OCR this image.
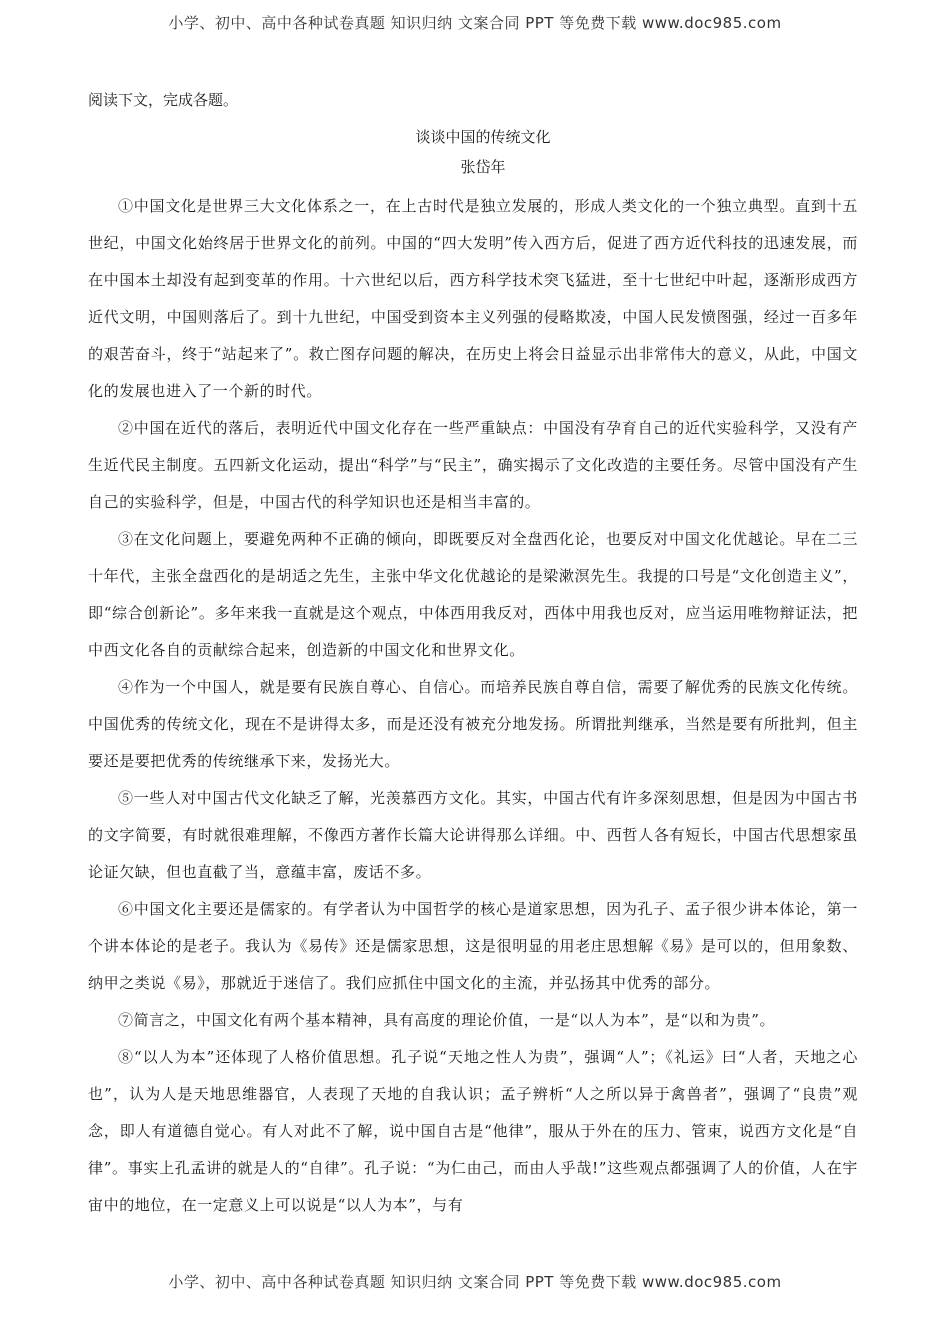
小学、初中、高中各种试卷真题 知识归纳 文案合同 PPT 等免费下载 www.doc985.com

阅读下文，完成各题。

谈谈中国的传统文化

张岱年

①中国文化是世界三大文化体系之一，在上古时代是独立发展的，形成人类文化的一个独立典型。直到十五世纪，中国文化始终居于世界文化的前列。中国的“四大发明”传入西方后，促进了西方近代科技的迅速发展，而在中国本土却没有起到变革的作用。十六世纪以后，西方科学技术突飞猛进，至十七世纪中叶起，逐渐形成西方近代文明，中国则落后了。到十九世纪，中国受到资本主义列强的侵略欺凌，中国人民发愤图强，经过一百多年的艰苦奋斗，终于“站起来了”。救亡图存问题的解决，在历史上将会日益显示出非常伟大的意义，从此，中国文化的发展也进入了一个新的时代。

②中国在近代的落后，表明近代中国文化存在一些严重缺点：中国没有孕育自己的近代实验科学，又没有产生近代民主制度。五四新文化运动，提出“科学”与“民主”，确实揭示了文化改造的主要任务。尽管中国没有产生自己的实验科学，但是，中国古代的科学知识也还是相当丰富的。

③在文化问题上，要避免两种不正确的倾向，即既要反对全盘西化论，也要反对中国文化优越论。早在二三十年代，主张全盘西化的是胡适之先生，主张中华文化优越论的是梁漱溟先生。我提的口号是“文化创造主义”，即“综合创新论”。多年来我一直就是这个观点，中体西用我反对，西体中用我也反对，应当运用唯物辩证法，把中西文化各自的贡献综合起来，创造新的中国文化和世界文化。

④作为一个中国人，就是要有民族自尊心、自信心。而培养民族自尊自信，需要了解优秀的民族文化传统。中国优秀的传统文化，现在不是讲得太多，而是还没有被充分地发扬。所谓批判继承，当然是要有所批判，但主要还是要把优秀的传统继承下来，发扬光大。

⑤一些人对中国古代文化缺乏了解，光羡慕西方文化。其实，中国古代有许多深刻思想，但是因为中国古书的文字简要，有时就很难理解，不像西方著作长篇大论讲得那么详细。中、西哲人各有短长，中国古代思想家虽论证欠缺，但也直截了当，意蕴丰富，废话不多。

⑥中国文化主要还是儒家的。有学者认为中国哲学的核心是道家思想，因为孔子、孟子很少讲本体论，第一个讲本体论的是老子。我认为《易传》还是儒家思想，这是很明显的用老庄思想解《易》是可以的，但用象数、纳甲之类说《易》，那就近于迷信了。我们应抓住中国文化的主流，并弘扬其中优秀的部分。

⑦简言之，中国文化有两个基本精神，具有高度的理论价值，一是“以人为本”，是“以和为贵”。

⑧“以人为本”还体现了人格价值思想。孔子说“天地之性人为贵”，强调“人”；《礼运》曰“人者，天地之心也”，认为人是天地思维器官，人表现了天地的自我认识；孟子辨析“人之所以异于禽兽者”，强调了“良贵”观念，即人有道德自觉心。有人对此不了解，说中国自古是“他律”，服从于外在的压力、管束，说西方文化是“自律”。事实上孔孟讲的就是人的“自律”。孔子说：“为仁由己，而由人乎哉!”这些观点都强调了人的价值，人在宇宙中的地位，在一定意义上可以说是“以人为本”，与有

小学、初中、高中各种试卷真题 知识归纳 文案合同 PPT 等免费下载 www.doc985.com
